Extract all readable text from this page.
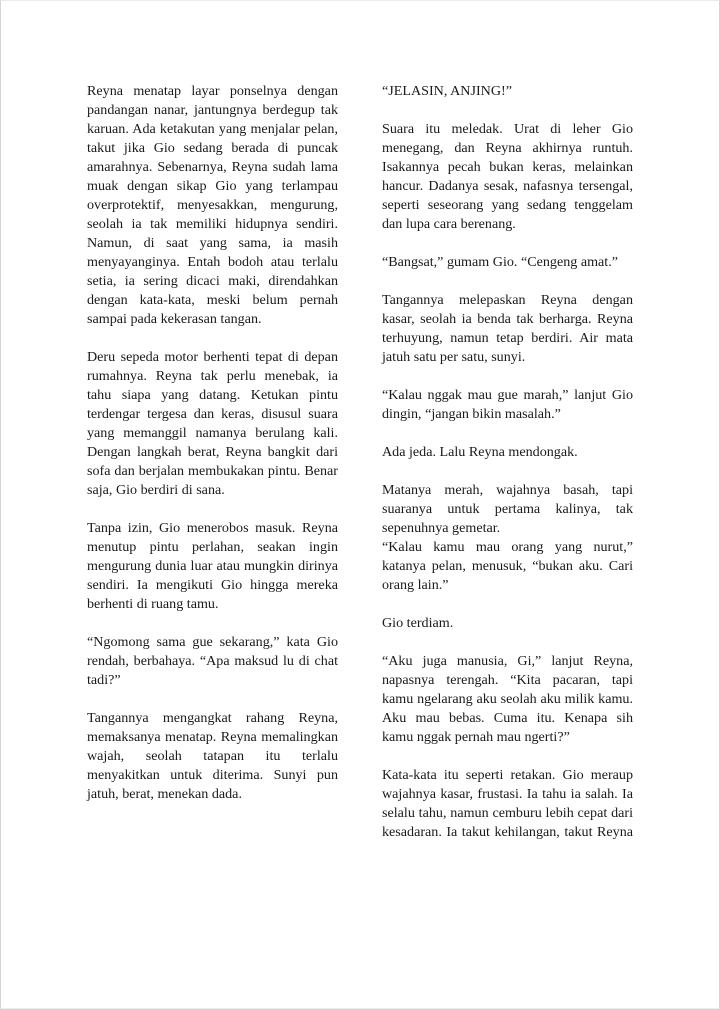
Reyna menatap layar ponselnya dengan pandangan nanar, jantungnya berdegup tak karuan. Ada ketakutan yang menjalar pelan, takut jika Gio sedang berada di puncak amarahnya. Sebenarnya, Reyna sudah lama muak dengan sikap Gio yang terlampau overprotektif, menyesakkan, mengurung, seolah ia tak memiliki hidupnya sendiri. Namun, di saat yang sama, ia masih menyayanginya. Entah bodoh atau terlalu setia, ia sering dicaci maki, direndahkan dengan kata-kata, meski belum pernah sampai pada kekerasan tangan.

Deru sepeda motor berhenti tepat di depan rumahnya. Reyna tak perlu menebak, ia tahu siapa yang datang. Ketukan pintu terdengar tergesa dan keras, disusul suara yang memanggil namanya berulang kali. Dengan langkah berat, Reyna bangkit dari sofa dan berjalan membukakan pintu. Benar saja, Gio berdiri di sana.

Tanpa izin, Gio menerobos masuk. Reyna menutup pintu perlahan, seakan ingin mengurung dunia luar atau mungkin dirinya sendiri. Ia mengikuti Gio hingga mereka berhenti di ruang tamu.

“Ngomong sama gue sekarang,” kata Gio rendah, berbahaya. “Apa maksud lu di chat tadi?”

Tangannya mengangkat rahang Reyna, memaksanya menatap. Reyna memalingkan wajah, seolah tatapan itu terlalu menyakitkan untuk diterima. Sunyi pun jatuh, berat, menekan dada.

“JELASIN, ANJING!”

Suara itu meledak. Urat di leher Gio menegang, dan Reyna akhirnya runtuh. Isakannya pecah bukan keras, melainkan hancur. Dadanya sesak, nafasnya tersengal, seperti seseorang yang sedang tenggelam dan lupa cara berenang.

“Bangsat,” gumam Gio. “Cengeng amat.”

Tangannya melepaskan Reyna dengan kasar, seolah ia benda tak berharga. Reyna terhuyung, namun tetap berdiri. Air mata jatuh satu per satu, sunyi.

“Kalau nggak mau gue marah,” lanjut Gio dingin, “jangan bikin masalah.”

Ada jeda. Lalu Reyna mendongak.

Matanya merah, wajahnya basah, tapi suaranya untuk pertama kalinya, tak sepenuhnya gemetar.

“Kalau kamu mau orang yang nurut,” katanya pelan, menusuk, “bukan aku. Cari orang lain.”

Gio terdiam.

“Aku juga manusia, Gi,” lanjut Reyna, napasnya terengah. “Kita pacaran, tapi kamu ngelarang aku seolah aku milik kamu. Aku mau bebas. Cuma itu. Kenapa sih kamu nggak pernah mau ngerti?”

Kata-kata itu seperti retakan. Gio meraup wajahnya kasar, frustasi. Ia tahu ia salah. Ia selalu tahu, namun cemburu lebih cepat dari kesadaran. Ia takut kehilangan, takut Reyna
